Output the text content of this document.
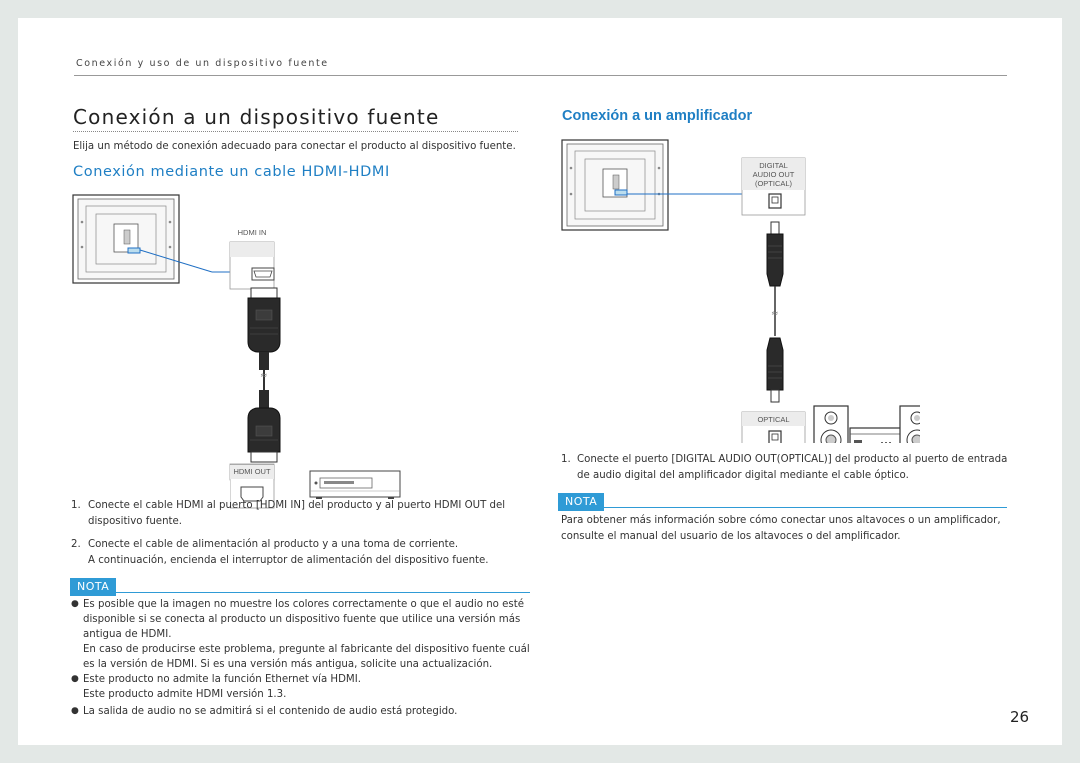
Conexión y uso de un dispositivo fuente
Conexión a un dispositivo fuente
Elija un método de conexión adecuado para conectar el producto al dispositivo fuente.
Conexión mediante un cable HDMI-HDMI
Conexión a un amplificador
≈
HDMI IN
HDMI OUT
1. Conecte el cable HDMI al puerto [HDMI IN] del producto y al puerto HDMI OUT del dispositivo fuente.
2. Conecte el cable de alimentación al producto y a una toma de corriente.
A continuación, encienda el interruptor de alimentación del dispositivo fuente.
NOTA
● Es posible que la imagen no muestre los colores correctamente o que el audio no esté disponible si se conecta al producto un dispositivo fuente que utilice una versión más antigua de HDMI.
En caso de producirse este problema, pregunte al fabricante del dispositivo fuente cuál es la versión de HDMI. Si es una versión más antigua, solicite una actualización.
● Este producto no admite la función Ethernet vía HDMI.
Este producto admite HDMI versión 1.3.
● La salida de audio no se admitirá si el contenido de audio está protegido.
≈
DIGITAL
AUDIO OUT
(OPTICAL)
OPTICAL
1. Conecte el puerto [DIGITAL AUDIO OUT(OPTICAL)] del producto al puerto de entrada de audio digital del amplificador digital mediante el cable óptico.
NOTA
Para obtener más información sobre cómo conectar unos altavoces o un amplificador, consulte el manual del usuario de los altavoces o del amplificador.
26
